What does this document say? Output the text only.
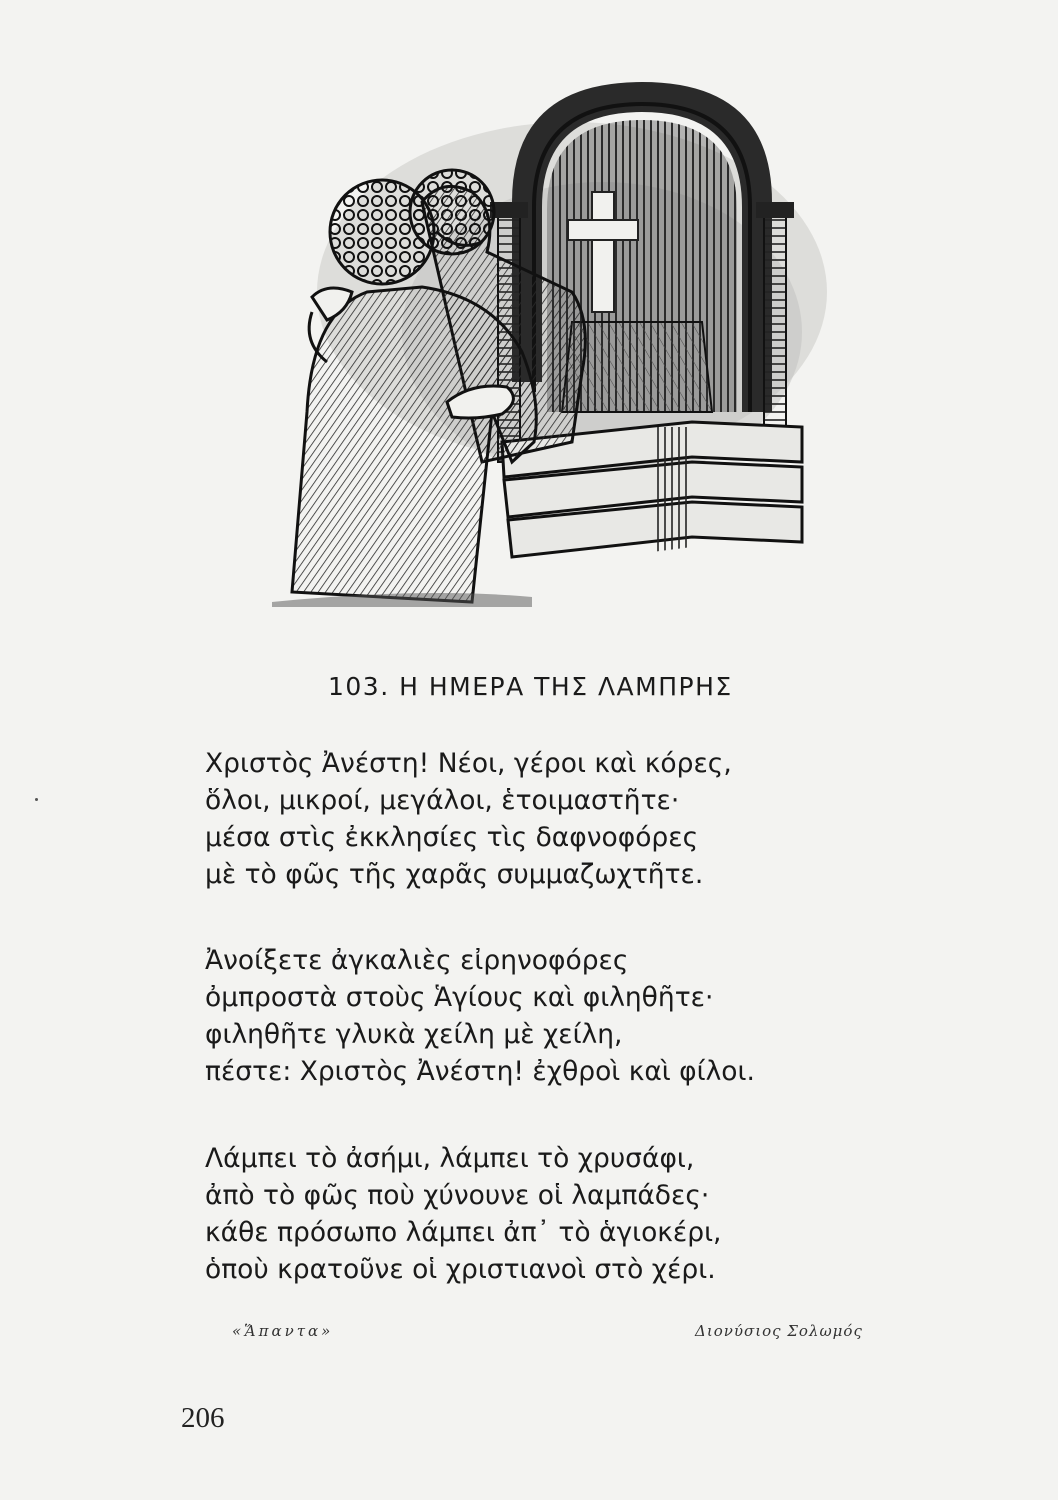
103. Η ΗΜΕΡΑ ΤΗΣ ΛΑΜΠΡΗΣ
Χριστὸς Ἀνέστη! Νέοι, γέροι καὶ κόρες,
ὅλοι, μικροί, μεγάλοι, ἑτοιμαστῆτε·
μέσα στὶς ἐκκλησίες τὶς δαφνοφόρες
μὲ τὸ φῶς τῆς χαρᾶς συμμαζωχτῆτε.
Ἀνοίξετε ἀγκαλιὲς εἰρηνοφόρες
ὀμπροστὰ στοὺς Ἁγίους καὶ φιληθῆτε·
φιληθῆτε γλυκὰ χείλη μὲ χείλη,
πέστε: Χριστὸς Ἀνέστη! ἐχθροὶ καὶ φίλοι.
Λάμπει τὸ ἀσήμι, λάμπει τὸ χρυσάφι,
ἀπὸ τὸ φῶς ποὺ χύνουνε οἱ λαμπάδες·
κάθε πρόσωπο λάμπει ἀπ᾽ τὸ ἁγιοκέρι,
ὁποὺ κρατοῦνε οἱ χριστιανοὶ στὸ χέρι.
«Ἅπαντα»	Διονύσιος Σολωμός
206
